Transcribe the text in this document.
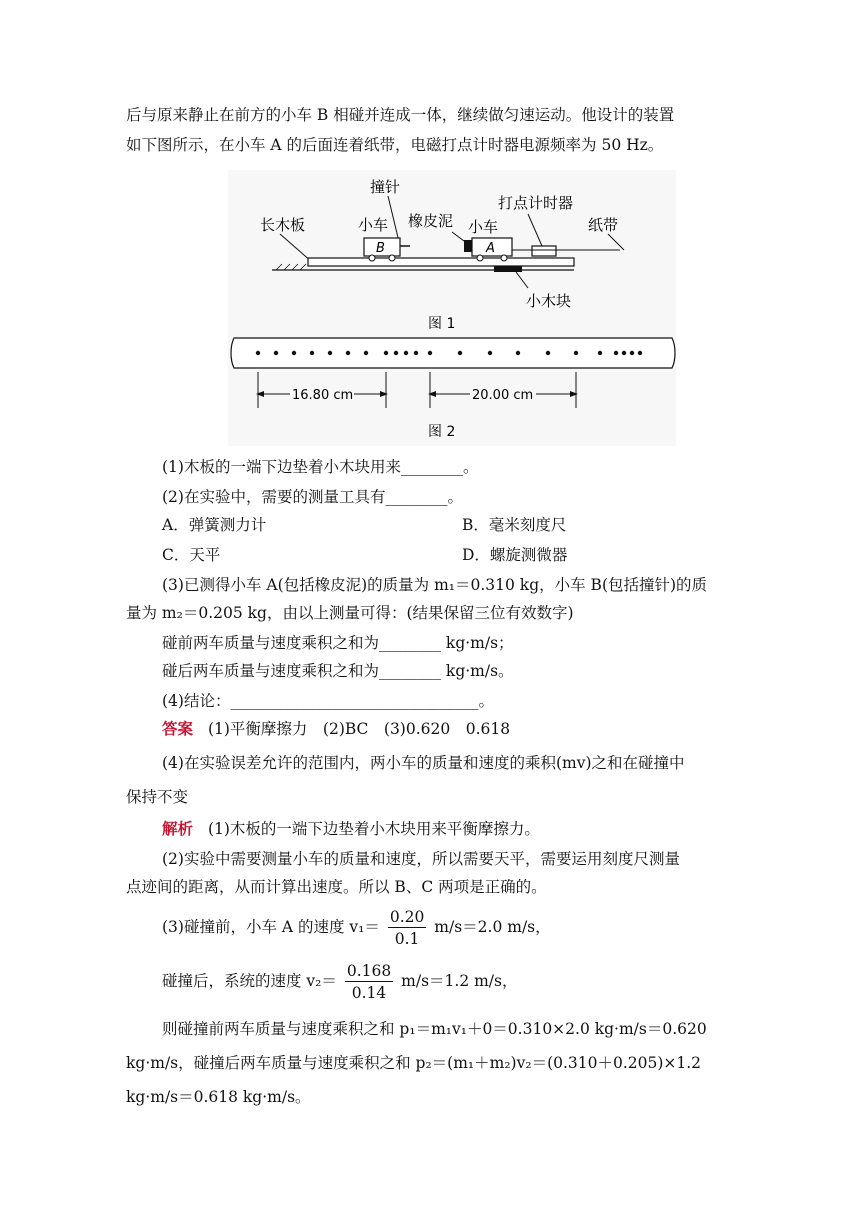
后与原来静止在前方的小车 B 相碰并连成一体，继续做匀速运动。他设计的装置
如下图所示，在小车 A 的后面连着纸带，电磁打点计时器电源频率为 50 Hz。
撞针
打点计时器
长木板	小车 橡皮泥 小车	纸带
B	A
小木块
图 1
16.80 cm	20.00 cm
图 2
(1)木板的一端下边垫着小木块用来________。
(2)在实验中，需要的测量工具有________。
A．弹簧测力计	B．毫米刻度尺
C．天平	D．螺旋测微器
(3)已测得小车 A(包括橡皮泥)的质量为 m₁＝0.310 kg，小车 B(包括撞针)的质
量为 m₂＝0.205 kg，由以上测量可得：(结果保留三位有效数字)
碰前两车质量与速度乘积之和为________ kg·m/s；
碰后两车质量与速度乘积之和为________ kg·m/s。
(4)结论：________________________________。
答案 (1)平衡摩擦力　(2)BC　(3)0.620　0.618
(4)在实验误差允许的范围内，两小车的质量和速度的乘积(mv)之和在碰撞中
保持不变
解析 (1)木板的一端下边垫着小木块用来平衡摩擦力。
(2)实验中需要测量小车的质量和速度，所以需要天平，需要运用刻度尺测量
点迹间的距离，从而计算出速度。所以 B、C 两项是正确的。
(3)碰撞前，小车 A 的速度 $v_1= \frac{0.20}{0.1} m/s=2.0$ m/s，
碰撞后，系统的速度 $v_2= \frac{0.168}{0.14} m/s=1.2$ m/s，
则碰撞前两车质量与速度乘积之和 p₁＝m₁v₁＋0＝0.310×2.0 kg·m/s＝0.620
kg·m/s，碰撞后两车质量与速度乘积之和 p₂＝(m₁＋m₂)v₂＝(0.310＋0.205)×1.2
kg·m/s＝0.618 kg·m/s。
